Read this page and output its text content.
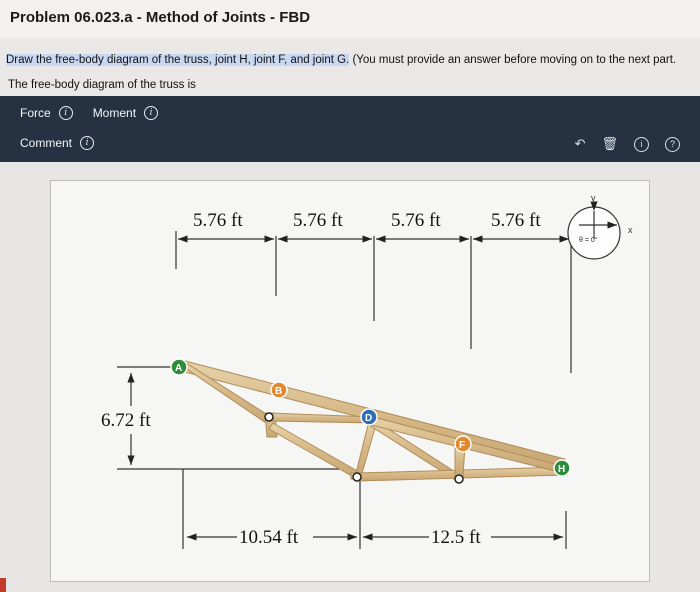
Problem 06.023.a - Method of Joints - FBD
Draw the free-body diagram of the truss, joint H, joint F, and joint G. (You must provide an answer before moving on to the next part.
The free-body diagram of the truss is
Force	i	Moment	i
Comment	i	↶ 🗑	i	?
5.76 ft	5.76 ft	5.76 ft	5.76 ft
6.72 ft
10.54 ft	12.5 ft
A
B
D
F
H
y
x
θ = 0°
